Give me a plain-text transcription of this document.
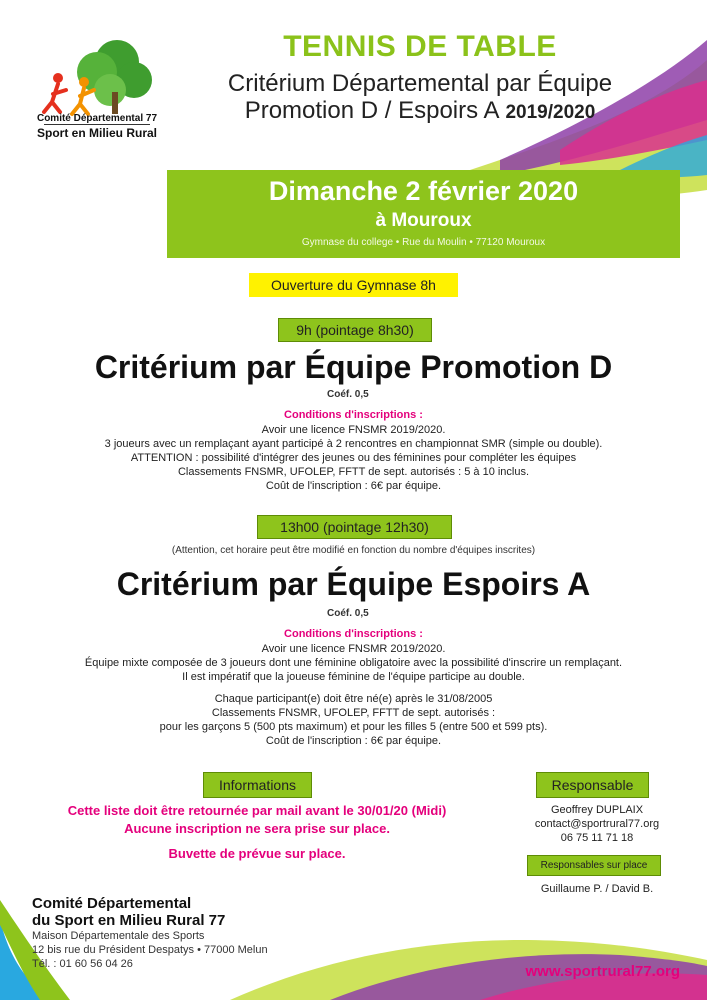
Comité Départemental 77
Sport en Milieu Rural
TENNIS DE TABLE
Critérium Départemental par Équipe
Promotion D / Espoirs A 2019/2020
Dimanche 2 février 2020
à Mouroux
Gymnase du college • Rue du Moulin • 77120 Mouroux
Ouverture du Gymnase 8h
9h (pointage 8h30)
Critérium par Équipe Promotion D
Coéf. 0,5
Conditions d'inscriptions :
Avoir une licence FNSMR 2019/2020.
3 joueurs avec un remplaçant ayant participé à 2 rencontres en championnat SMR (simple ou double).
ATTENTION : possibilité d'intégrer des jeunes ou des féminines pour compléter les équipes
Classements FNSMR, UFOLEP, FFTT de sept. autorisés : 5 à 10 inclus.
Coût de l'inscription : 6€ par équipe.
13h00 (pointage 12h30)
(Attention, cet horaire peut être modifié en fonction du nombre d'équipes inscrites)
Critérium par Équipe Espoirs A
Coéf. 0,5
Conditions d'inscriptions :
Avoir une licence FNSMR 2019/2020.
Équipe mixte composée de 3 joueurs dont une féminine obligatoire avec la possibilité d'inscrire un remplaçant.
Il est impératif que la joueuse féminine de l'équipe participe au double.
Chaque participant(e) doit être né(e) après le 31/08/2005
Classements FNSMR, UFOLEP, FFTT de sept. autorisés :
pour les garçons 5 (500 pts maximum) et pour les filles 5 (entre 500 et 599 pts).
Coût de l'inscription : 6€ par équipe.
Informations
Cette liste doit être retournée par mail avant le 30/01/20 (Midi)
Aucune inscription ne sera prise sur place.
Buvette de prévue sur place.
Responsable
Geoffrey DUPLAIX
contact@sportrural77.org
06 75 11 71 18
Responsables sur place
Guillaume P. / David B.
Comité Départemental
du Sport en Milieu Rural 77
Maison Départementale des Sports
12 bis rue du Président Despatys • 77000 Melun
Tél. : 01 60 56 04 26	www.sportrural77.org
